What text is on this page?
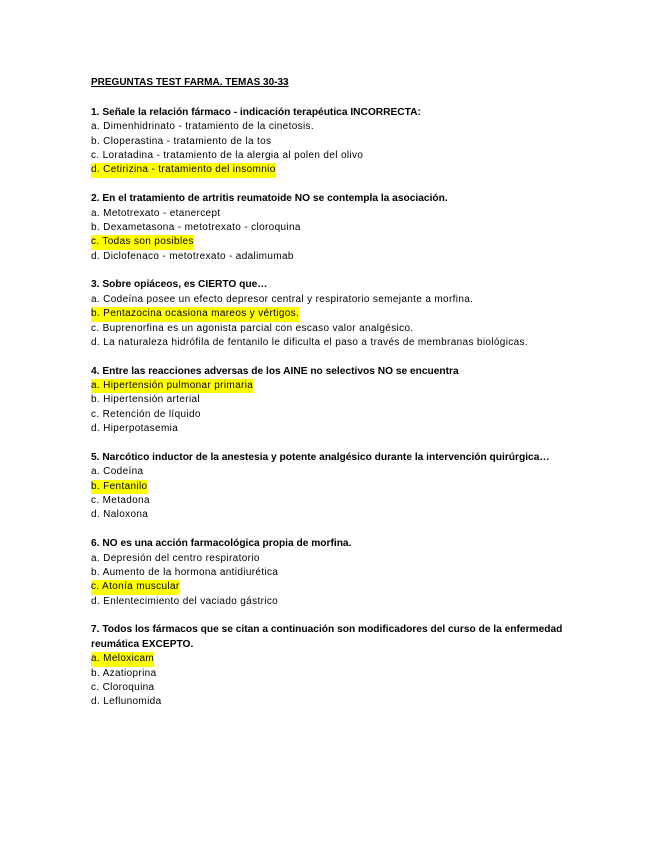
PREGUNTAS TEST FARMA. TEMAS 30-33
1. Señale la relación fármaco - indicación terapéutica INCORRECTA:
a. Dimenhidrinato - tratamiento de la cinetosis.
b. Cloperastina - tratamiento de la tos
c. Loratadina - tratamiento de la alergia al polen del olivo
d. Cetirizina - tratamiento del insomnio
2. En el tratamiento de artritis reumatoide NO se contempla la asociación.
a. Metotrexato - etanercept
b. Dexametasona - metotrexato - cloroquina
c. Todas son posibles
d. Diclofenaco - metotrexato - adalimumab
3. Sobre opiáceos, es CIERTO que…
a. Codeína posee un efecto depresor central y respiratorio semejante a morfina.
b. Pentazocina ocasiona mareos y vértigos.
c. Buprenorfina es un agonista parcial con escaso valor analgésico.
d. La naturaleza hidrófila de fentanilo le dificulta el paso a través de membranas biológicas.
4. Entre las reacciones adversas de los AINE no selectivos NO se encuentra
a. Hipertensión pulmonar primaria
b. Hipertensión arterial
c. Retención de líquido
d. Hiperpotasemia
5. Narcótico inductor de la anestesia y potente analgésico durante la intervención quirúrgica…
a. Codeína
b. Fentanilo
c. Metadona
d. Naloxona
6. NO es una acción farmacológica propia de morfina.
a. Depresión del centro respiratorio
b. Aumento de la hormona antidiurética
c. Atonía muscular
d. Enlentecimiento del vaciado gástrico
7. Todos los fármacos que se citan a continuación son modificadores del curso de la enfermedad reumática EXCEPTO.
a. Meloxicam
b. Azatioprina
c. Cloroquina
d. Leflunomida
